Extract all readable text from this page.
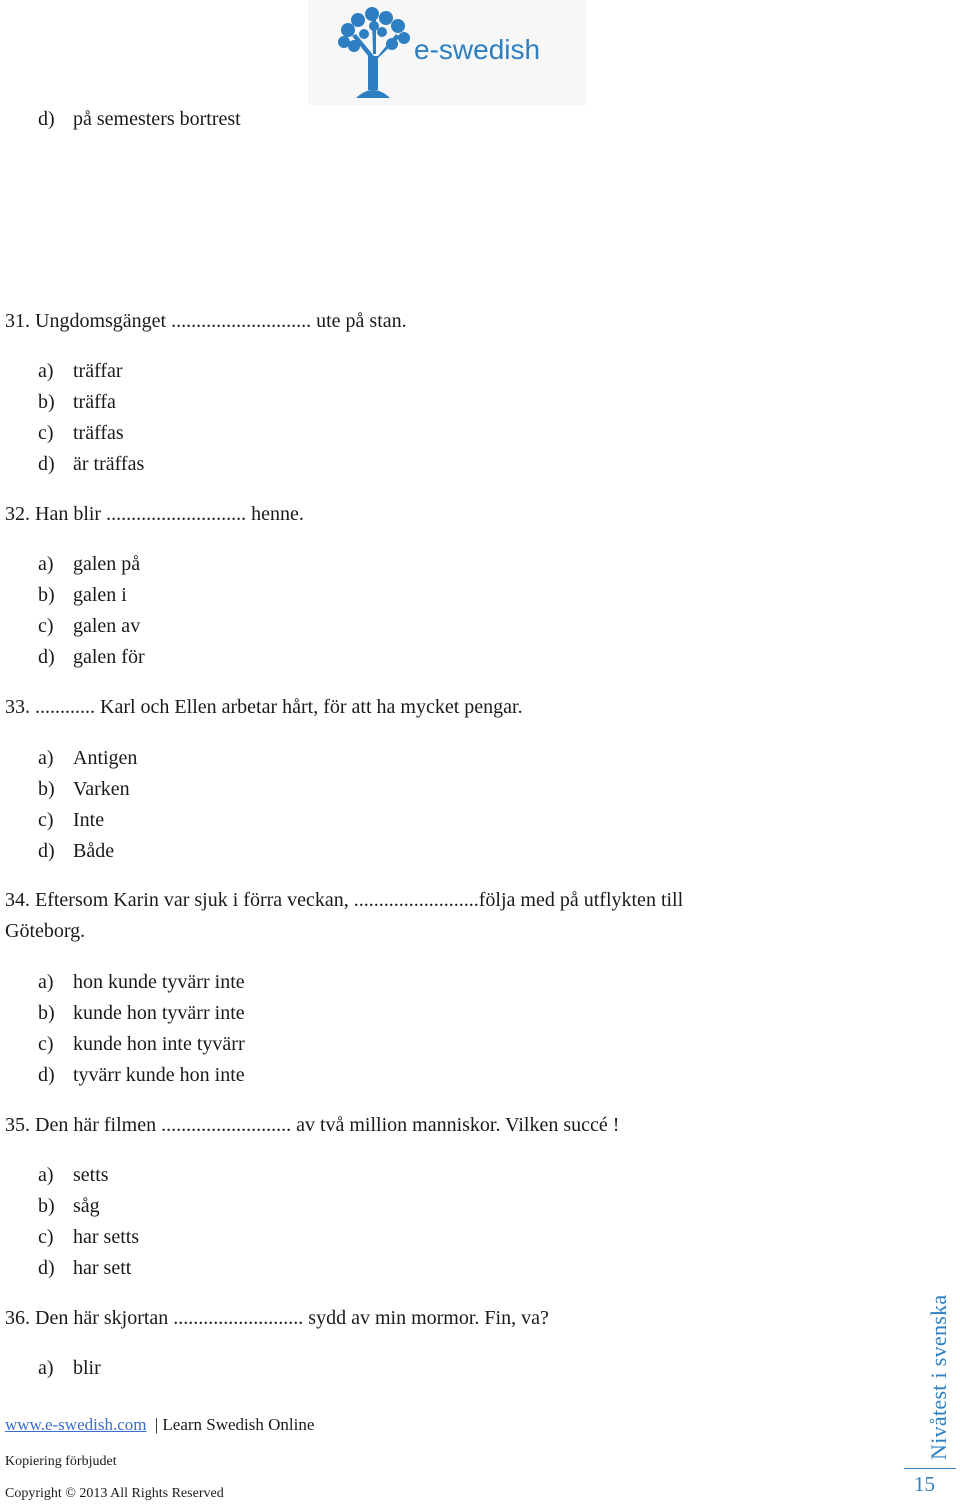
e-swedish
d) på semesters bortrest
31. Ungdomsgänget ............................ ute på stan.
a) träffar
b) träffa
c) träffas
d) är träffas
32. Han blir ............................ henne.
a) galen på
b) galen i
c) galen av
d) galen för
33. ............ Karl och Ellen arbetar hårt, för att ha mycket pengar.
a) Antigen
b) Varken
c) Inte
d) Både
34. Eftersom Karin var sjuk i förra veckan, .........................följa med på utflykten till
Göteborg.
a) hon kunde tyvärr inte
b) kunde hon tyvärr inte
c) kunde hon inte tyvärr
d) tyvärr kunde hon inte
35. Den här filmen .......................... av två million manniskor. Vilken succé !
a) setts
b) såg
c) har setts
d) har sett
36. Den här skjortan .......................... sydd av min mormor. Fin, va?
a) blir
www.e-swedish.com | Learn Swedish Online
Kopiering förbjudet
Copyright © 2013 All Rights Reserved
Nivåtest i svenska
15
